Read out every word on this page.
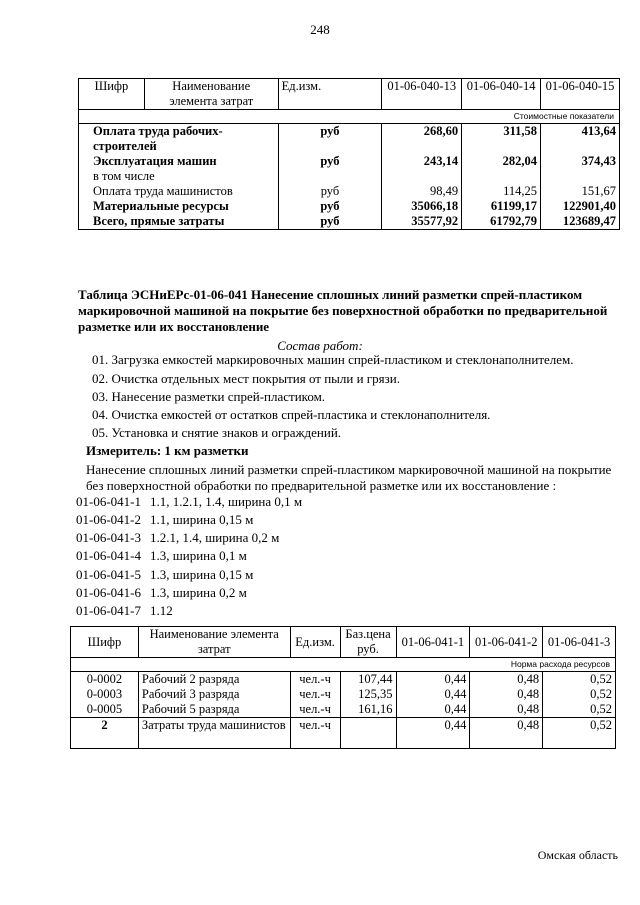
248
Шифр	Наименование элемента затрат	Ед.изм.	01-06-040-13	01-06-040-14	01-06-040-15
Стоимостные показатели					
Оплата труда рабочих-строителей		руб	268,60	311,58	413,64
Эксплуатация машин		руб	243,14	282,04	374,43
в том числе					
Оплата труда машинистов		руб	98,49	114,25	151,67
Материальные ресурсы		руб	35066,18	61199,17	122901,40
Всего, прямые затраты		руб	35577,92	61792,79	123689,47
Таблица ЭСНиЕРс-01-06-041 Нанесение сплошных линий разметки спрей-пластиком маркировочной машиной на покрытие без поверхностной обработки по предварительной разметке или их восстановление
Состав работ:
01. Загрузка емкостей маркировочных машин спрей-пластиком и стеклонаполнителем.
02. Очистка отдельных мест покрытия от пыли и грязи.
03. Нанесение разметки спрей-пластиком.
04. Очистка емкостей от остатков спрей-пластика и стеклонаполнителя.
05. Установка и снятие знаков и ограждений.
Измеритель: 1 км разметки
Нанесение сплошных линий разметки спрей-пластиком маркировочной машиной на покрытие без поверхностной обработки по предварительной разметке или их восстановление :
01-06-041-1 1.1, 1.2.1, 1.4, ширина 0,1 м
01-06-041-2 1.1, ширина 0,15 м
01-06-041-3 1.2.1, 1.4, ширина 0,2 м
01-06-041-4 1.3, ширина 0,1 м
01-06-041-5 1.3, ширина 0,15 м
01-06-041-6 1.3, ширина 0,2 м
01-06-041-7 1.12
Шифр	Наименование элемента затрат	Ед.изм.	Баз.цена руб.	01-06-041-1	01-06-041-2	01-06-041-3
Норма расхода ресурсов						
0-0002	Рабочий 2 разряда	чел.-ч	107,44	0,44	0,48	0,52
0-0003	Рабочий 3 разряда	чел.-ч	125,35	0,44	0,48	0,52
0-0005	Рабочий 5 разряда	чел.-ч	161,16	0,44	0,48	0,52
2	Затраты труда машинистов	чел.-ч		0,44	0,48	0,52
Омская область
